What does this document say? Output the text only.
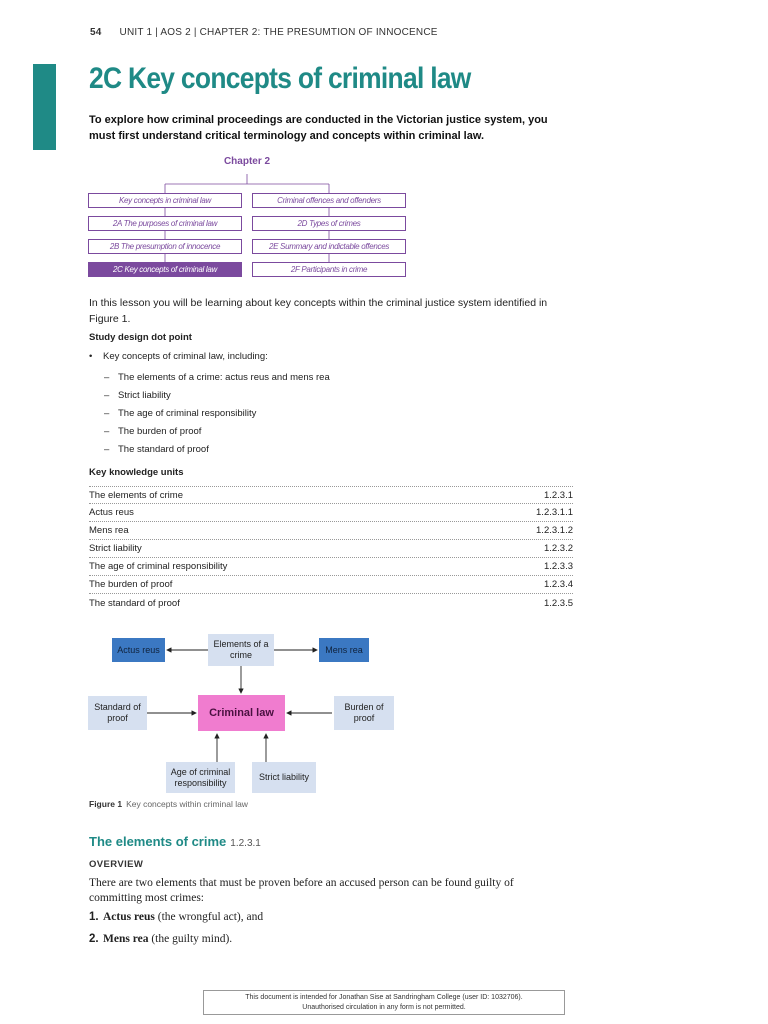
54 UNIT 1 | AOS 2 | CHAPTER 2: THE PRESUMTION OF INNOCENCE
2C Key concepts of criminal law
To explore how criminal proceedings are conducted in the Victorian justice system, you must first understand critical terminology and concepts within criminal law.
Chapter 2
Key concepts in criminal law
2A The purposes of criminal law
2B The presumption of innocence
2C Key concepts of criminal law
Criminal offences and offenders
2D Types of crimes
2E Summary and indictable offences
2F Participants in crime
In this lesson you will be learning about key concepts within the criminal justice system identified in Figure 1.
Study design dot point
• Key concepts of criminal law, including:
– The elements of a crime: actus reus and mens rea
– Strict liability
– The age of criminal responsibility
– The burden of proof
– The standard of proof
Key knowledge units
The elements of crime	1.2.3.1
Actus reus	1.2.3.1.1
Mens rea	1.2.3.1.2
Strict liability	1.2.3.2
The age of criminal responsibility	1.2.3.3
The burden of proof	1.2.3.4
The standard of proof	1.2.3.5
Actus reus
Elements of a crime
Mens rea
Standard of proof	Criminal law	Burden of proof
Age of criminal responsibility
Strict liability
Figure 1 Key concepts within criminal law
The elements of crime 1.2.3.1
OVERVIEW
There are two elements that must be proven before an accused person can be found guilty of committing most crimes:
1. Actus reus (the wrongful act), and
2. Mens rea (the guilty mind).
This document is intended for Jonathan Sise at Sandringham College (user ID: 1032706).
Unauthorised circulation in any form is not permitted.
